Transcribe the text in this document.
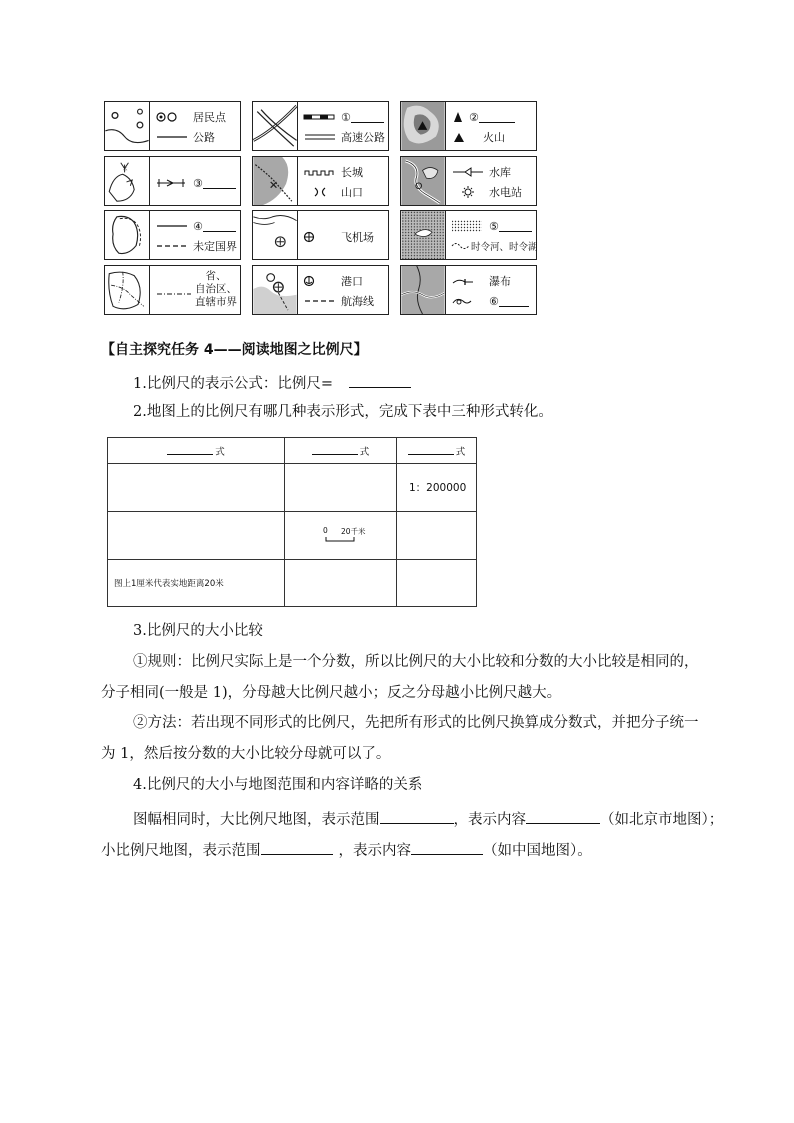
居民点
公路
①
高速公路
②
火山
木
③
长城
山口
水库
水电站
④
未定国界
飞机场
⑤
时令河、时令湖
省、
自治区、
直辖市界
港口
航海线
瀑布
⑥
【自主探究任务 4——阅读地图之比例尺】
1.比例尺的表示公式：比例尺=
2.地图上的比例尺有哪几种表示形式，完成下表中三种形式转化。
式	式	式
		1：200000

	0 20千米	

图上1厘米代表实地距离20米		
3.比例尺的大小比较
①规则：比例尺实际上是一个分数，所以比例尺的大小比较和分数的大小比较是相同的，
分子相同(一般是 1)，分母越大比例尺越小；反之分母越小比例尺越大。
②方法：若出现不同形式的比例尺，先把所有形式的比例尺换算成分数式，并把分子统一
为 1，然后按分数的大小比较分母就可以了。
4.比例尺的大小与地图范围和内容详略的关系
图幅相同时，大比例尺地图，表示范围	，表示内容	（如北京市地图）；
小比例尺地图，表示范围	，表示内容	（如中国地图）。
